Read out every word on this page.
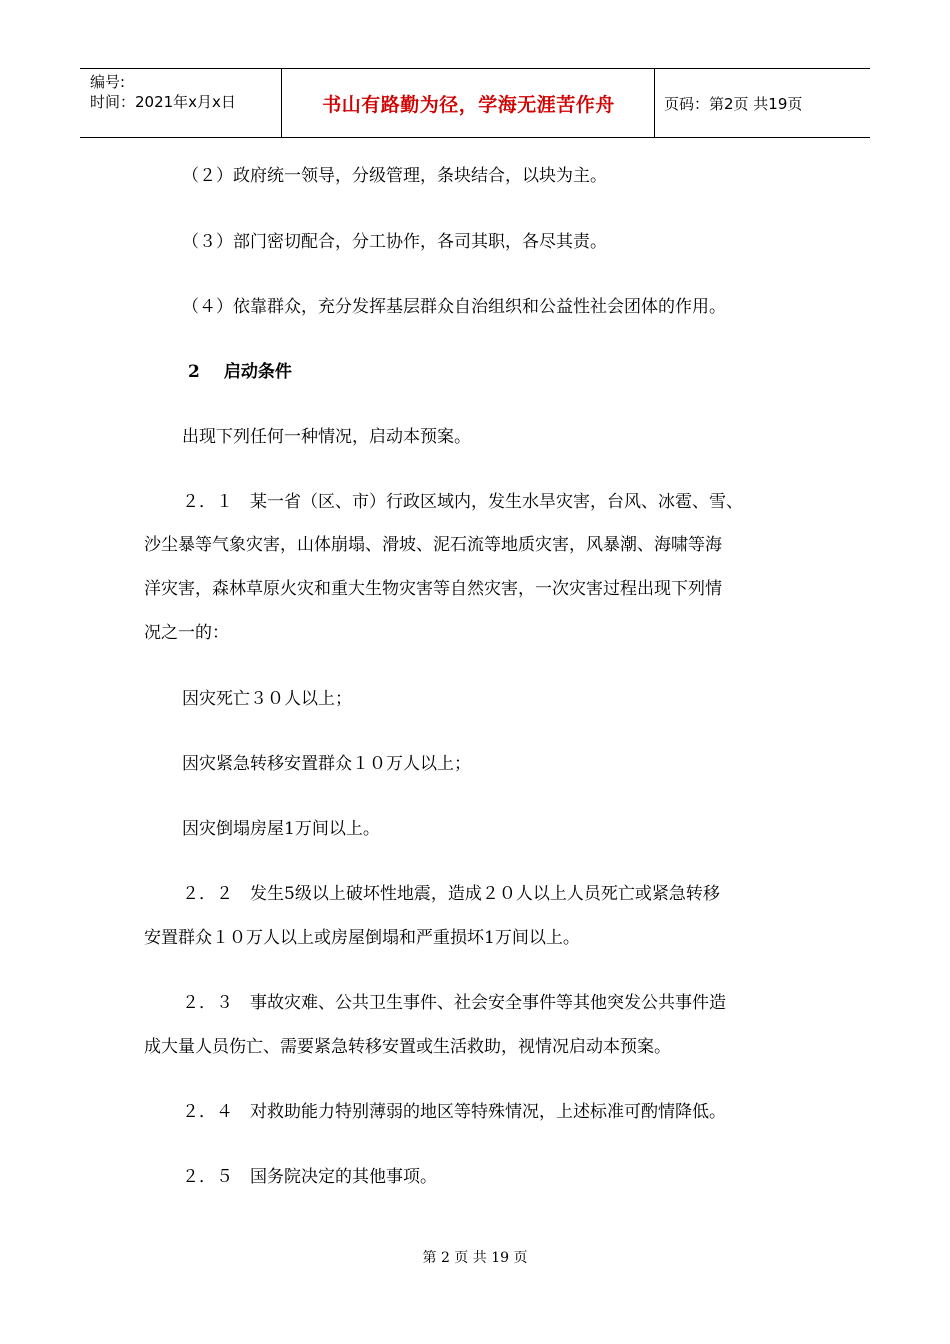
编号:
时间：2021年x月x日	书山有路勤为径，学海无涯苦作舟	页码：第2页 共19页
（２）政府统一领导，分级管理，条块结合，以块为主。
（３）部门密切配合，分工协作，各司其职，各尽其责。
（４）依靠群众，充分发挥基层群众自治组织和公益性社会团体的作用。
2 启动条件
出现下列任何一种情况，启动本预案。
２．１　某一省（区、市）行政区域内，发生水旱灾害，台风、冰雹、雪、
沙尘暴等气象灾害，山体崩塌、滑坡、泥石流等地质灾害，风暴潮、海啸等海
洋灾害，森林草原火灾和重大生物灾害等自然灾害，一次灾害过程出现下列情
况之一的：
因灾死亡３０人以上；
因灾紧急转移安置群众１０万人以上；
因灾倒塌房屋1万间以上。
２．２　发生5级以上破坏性地震，造成２０人以上人员死亡或紧急转移
安置群众１０万人以上或房屋倒塌和严重损坏1万间以上。
２．３　事故灾难、公共卫生事件、社会安全事件等其他突发公共事件造
成大量人员伤亡、需要紧急转移安置或生活救助，视情况启动本预案。
２．４　对救助能力特别薄弱的地区等特殊情况，上述标准可酌情降低。
２．５　国务院决定的其他事项。
第 2 页 共 19 页
